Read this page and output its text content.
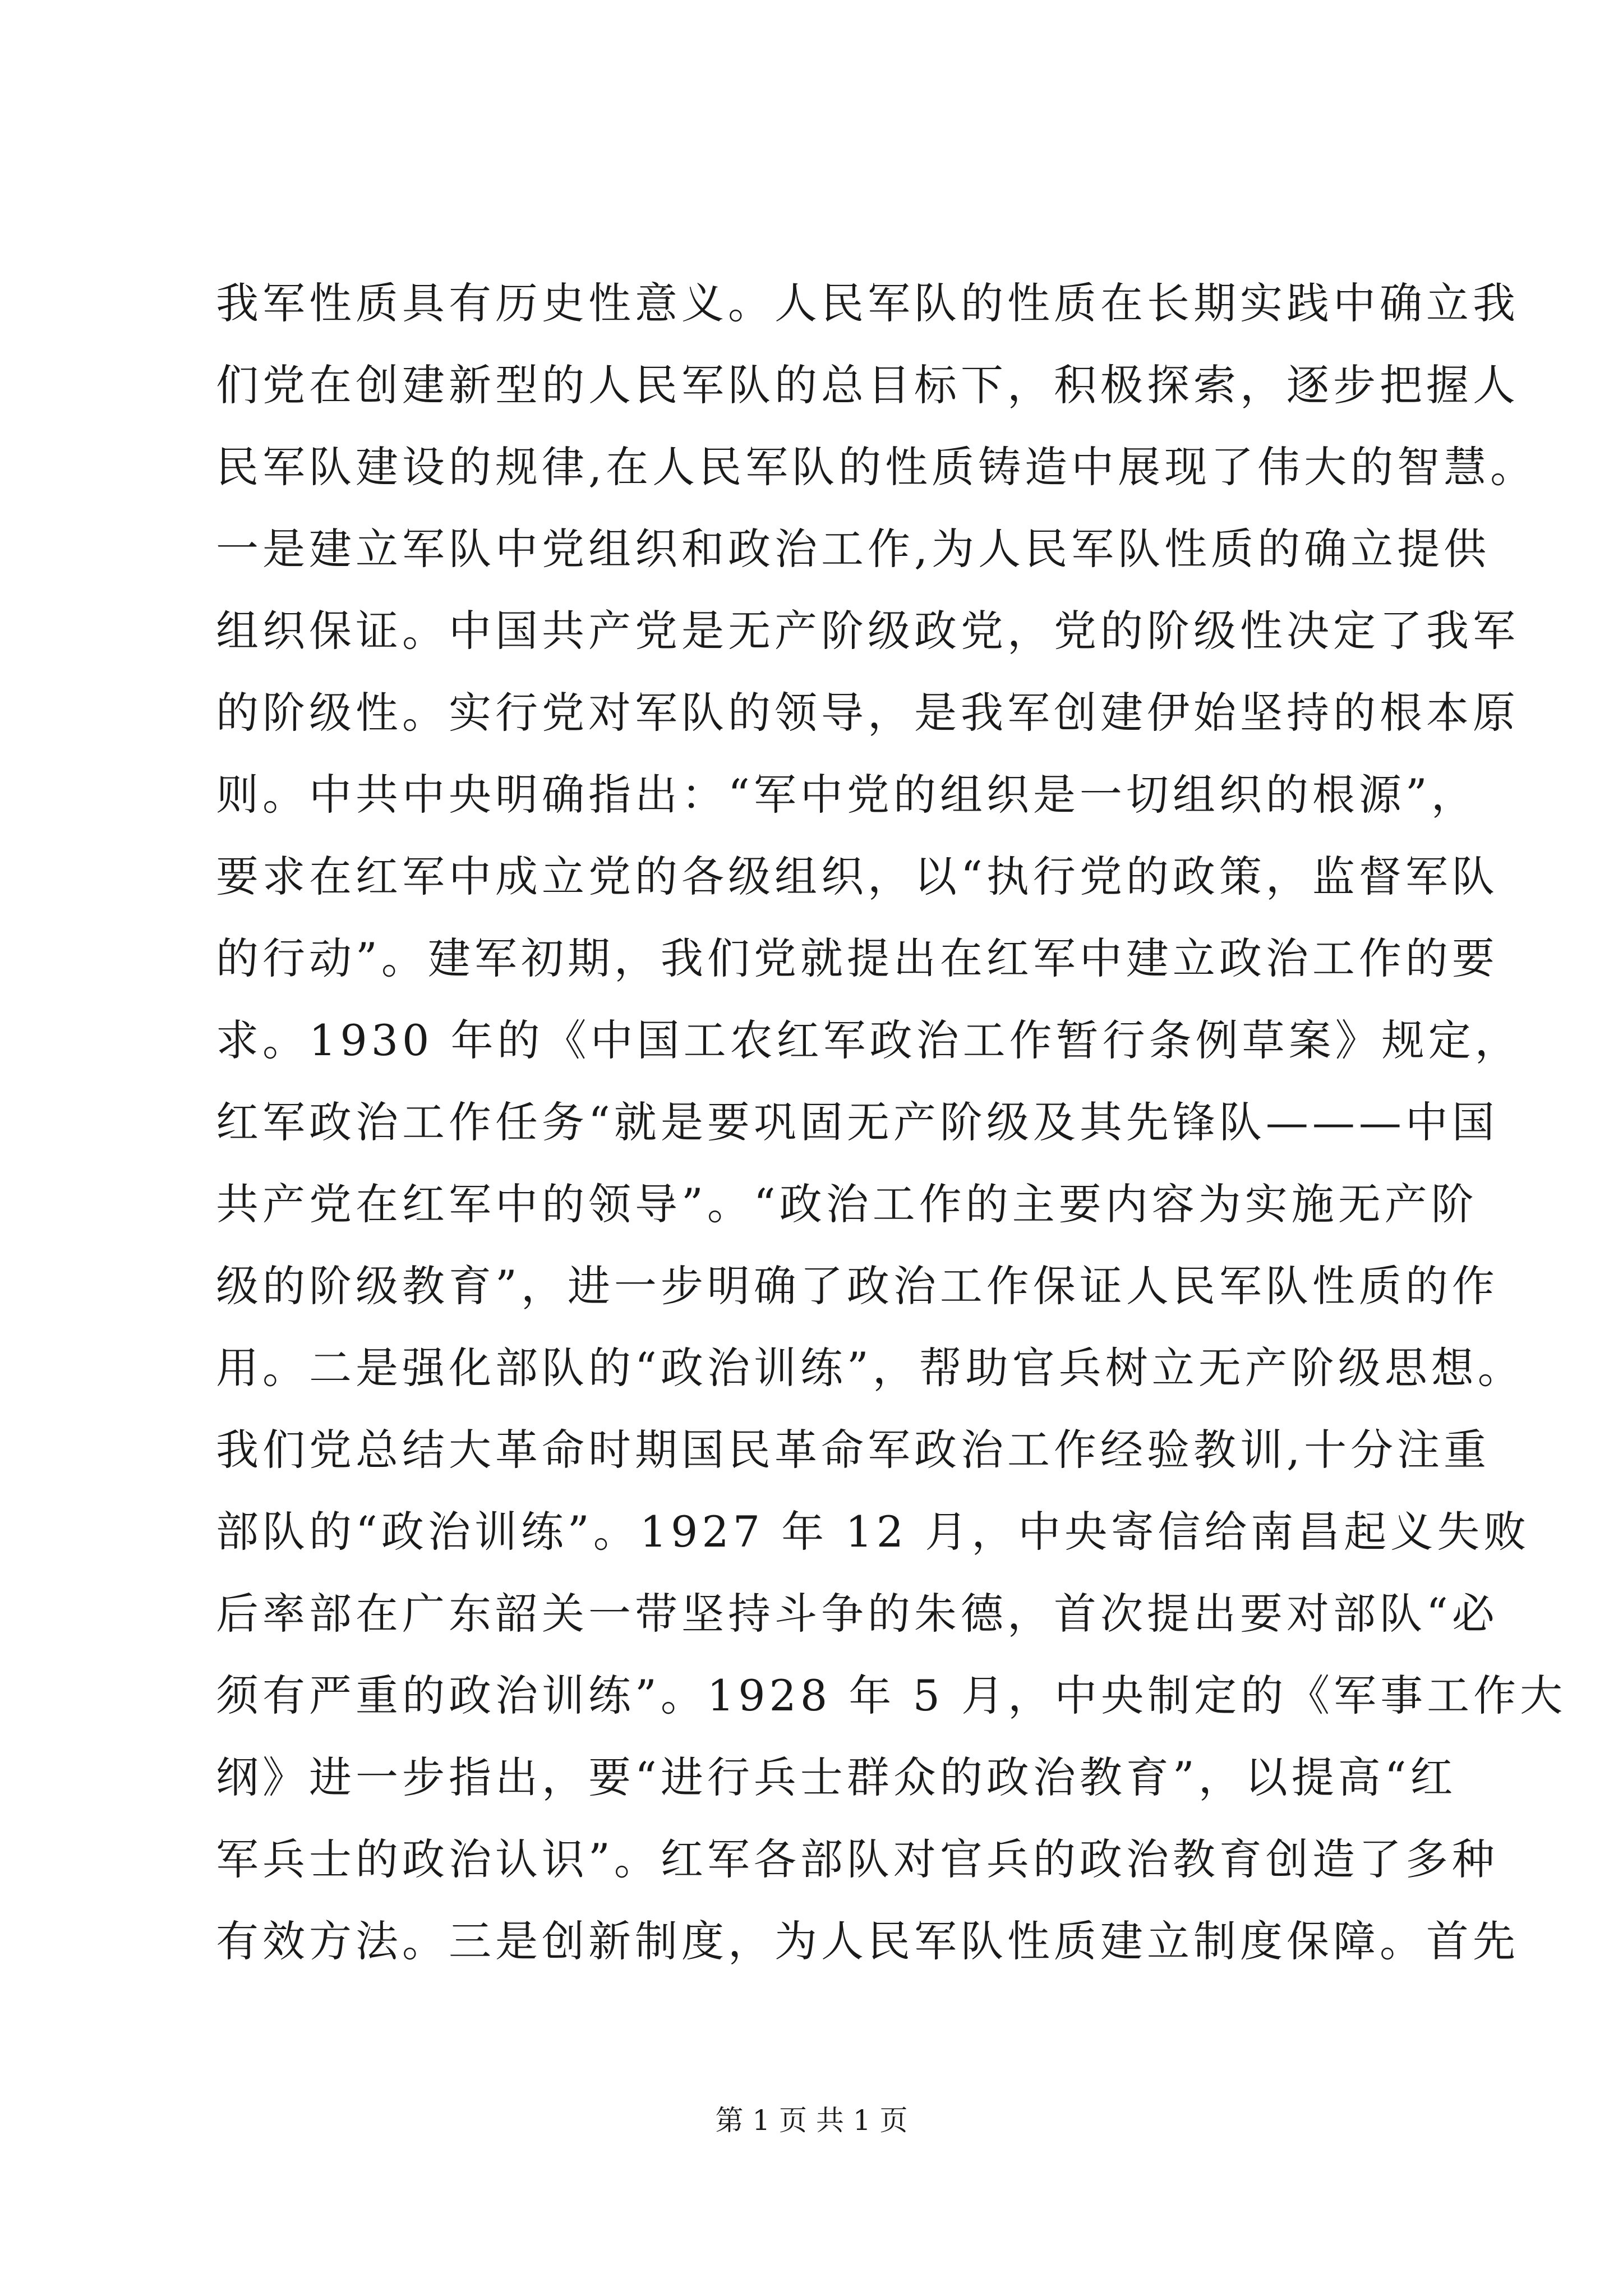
我军性质具有历史性意义。人民军队的性质在长期实践中确立我
们党在创建新型的人民军队的总目标下，积极探索，逐步把握人
民军队建设的规律,在人民军队的性质铸造中展现了伟大的智慧。
一是建立军队中党组织和政治工作,为人民军队性质的确立提供
组织保证。中国共产党是无产阶级政党，党的阶级性决定了我军
的阶级性。实行党对军队的领导，是我军创建伊始坚持的根本原
则。中共中央明确指出：“军中党的组织是一切组织的根源”，
要求在红军中成立党的各级组织，以“执行党的政策，监督军队
的行动”。建军初期，我们党就提出在红军中建立政治工作的要
求。1930 年的《中国工农红军政治工作暂行条例草案》规定，
红军政治工作任务“就是要巩固无产阶级及其先锋队———中国
共产党在红军中的领导”。“政治工作的主要内容为实施无产阶
级的阶级教育”，进一步明确了政治工作保证人民军队性质的作
用。二是强化部队的“政治训练”，帮助官兵树立无产阶级思想。
我们党总结大革命时期国民革命军政治工作经验教训,十分注重
部队的“政治训练”。1927 年 12 月，中央寄信给南昌起义失败
后率部在广东韶关一带坚持斗争的朱德，首次提出要对部队“必
须有严重的政治训练”。1928 年 5 月，中央制定的《军事工作大
纲》进一步指出，要“进行兵士群众的政治教育”，以提高“红
军兵士的政治认识”。红军各部队对官兵的政治教育创造了多种
有效方法。三是创新制度，为人民军队性质建立制度保障。首先
第 1 页 共 1 页
